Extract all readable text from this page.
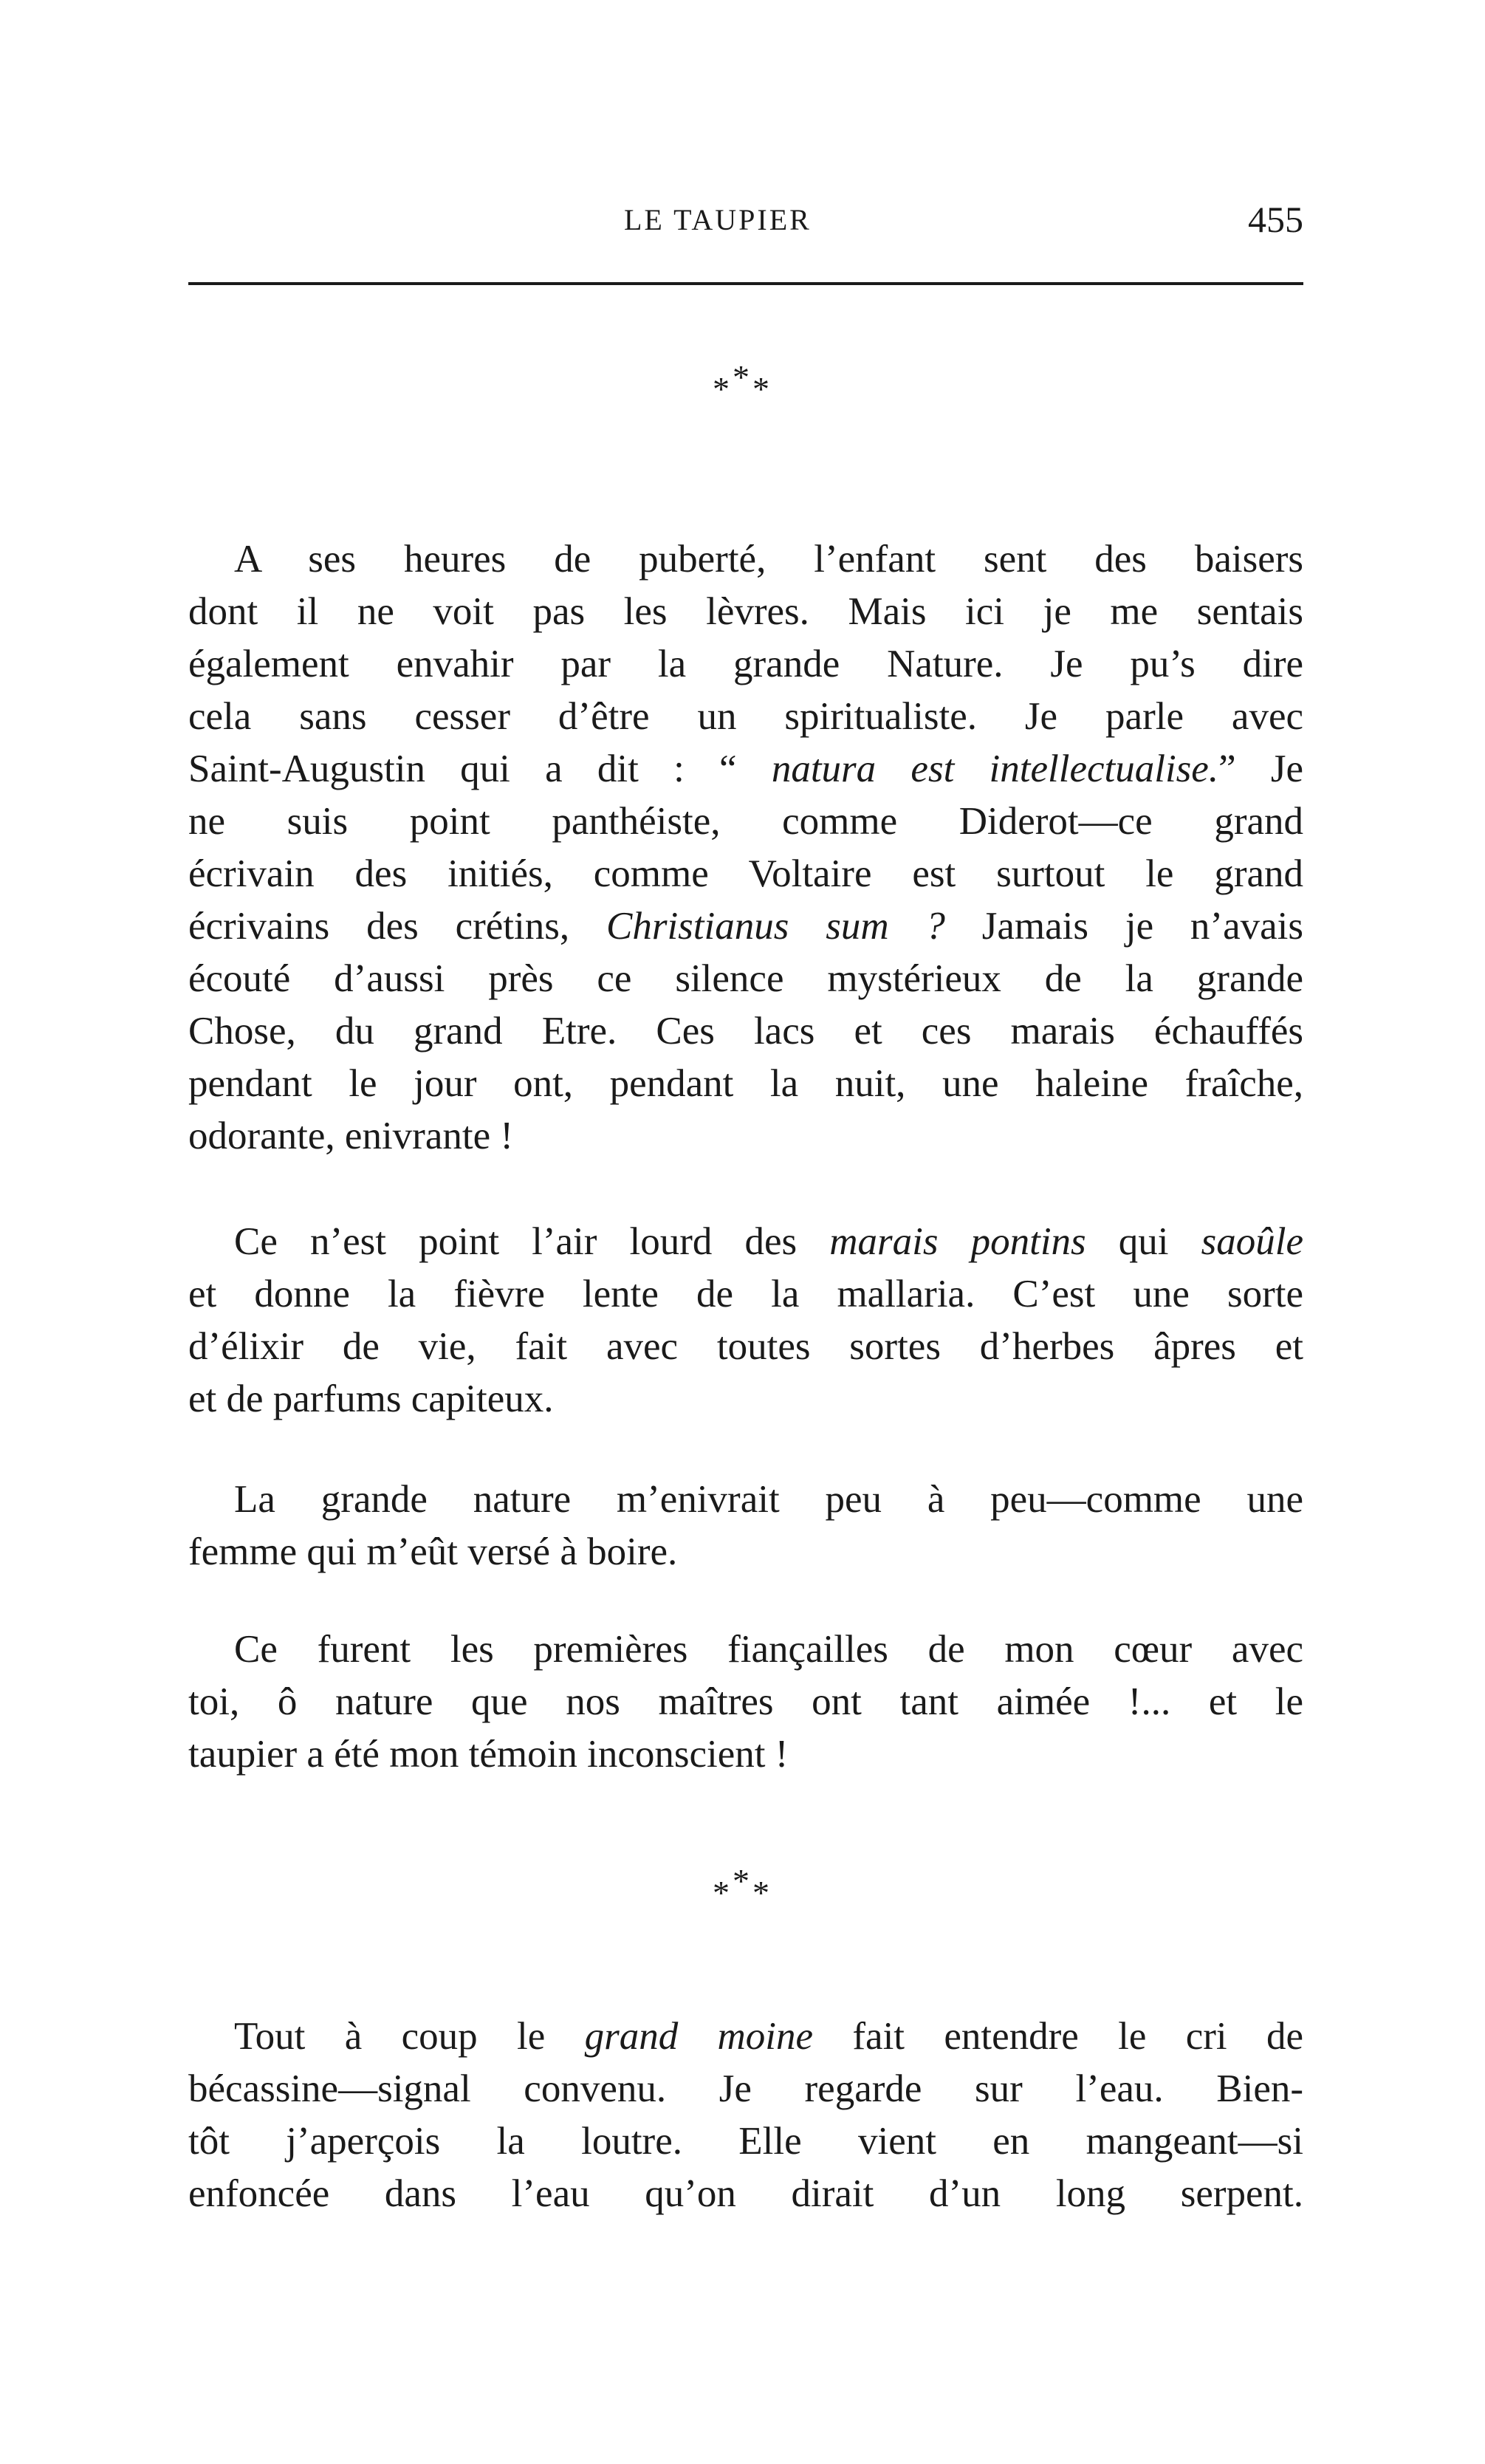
LE TAUPIER	455
***
A ses heures de puberté, l’enfant sent des baisers
dont il ne voit pas les lèvres. Mais ici je me sentais
également envahir par la grande Nature. Je pu’s dire
cela sans cesser d’être un spiritualiste. Je parle avec
Saint-Augustin qui a dit : “ natura est intellectualise.” Je
ne suis point panthéiste, comme Diderot—ce grand
écrivain des initiés, comme Voltaire est surtout le grand
écrivains des crétins, Christianus sum ? Jamais je n’avais
écouté d’aussi près ce silence mystérieux de la grande
Chose, du grand Etre. Ces lacs et ces marais échauffés
pendant le jour ont, pendant la nuit, une haleine fraîche,
odorante, enivrante !
Ce n’est point l’air lourd des marais pontins qui saoûle
et donne la fièvre lente de la mallaria. C’est une sorte
d’élixir de vie, fait avec toutes sortes d’herbes âpres et
et de parfums capiteux.
La grande nature m’enivrait peu à peu—comme une
femme qui m’eût versé à boire.
Ce furent les premières fiançailles de mon cœur avec
toi, ô nature que nos maîtres ont tant aimée !... et le
taupier a été mon témoin inconscient !
***
Tout à coup le grand moine fait entendre le cri de
bécassine—signal convenu. Je regarde sur l’eau. Bien-
tôt j’aperçois la loutre. Elle vient en mangeant—si
enfoncée dans l’eau qu’on dirait d’un long serpent.
